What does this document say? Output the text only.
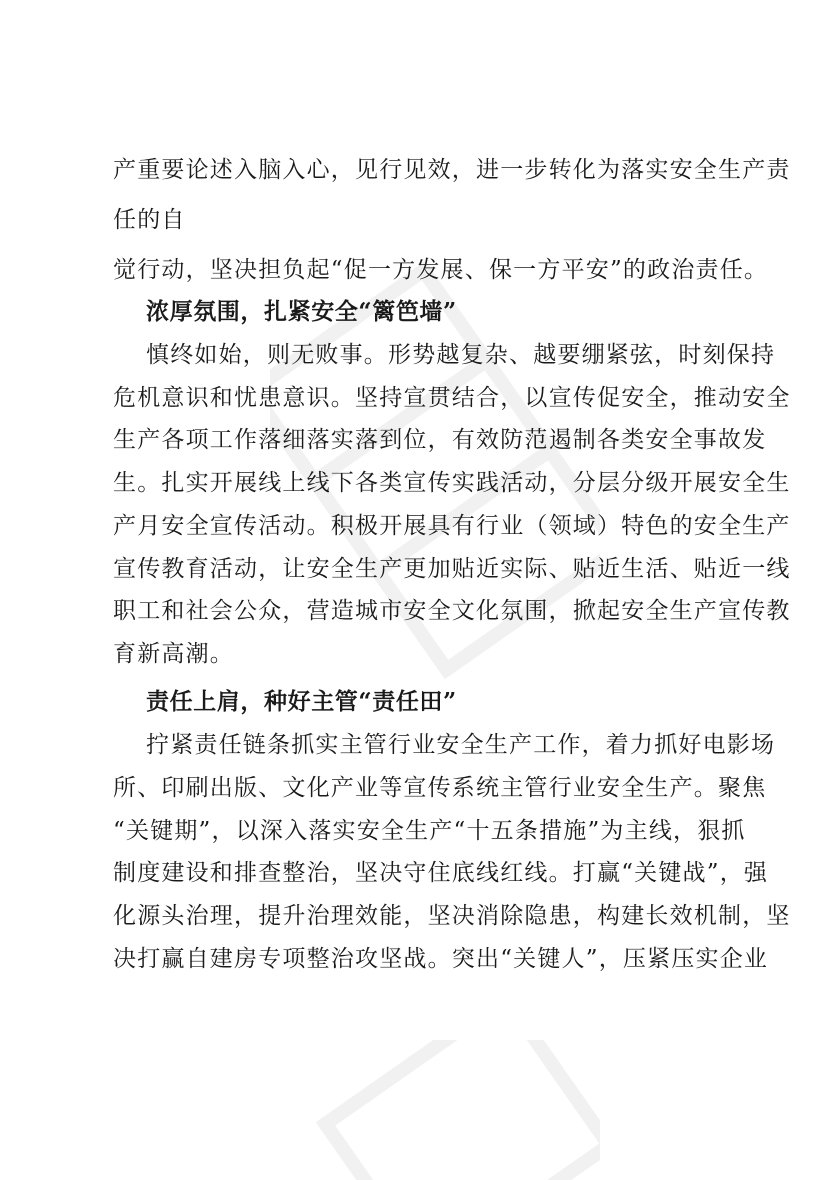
产重要论述入脑入心，见行见效，进一步转化为落实安全生产责
任的自
觉行动，坚决担负起“促一方发展、保一方平安”的政治责任。
浓厚氛围，扎紧安全“篱笆墙”
慎终如始，则无败事。形势越复杂、越要绷紧弦，时刻保持
危机意识和忧患意识。坚持宣贯结合，以宣传促安全，推动安全
生产各项工作落细落实落到位，有效防范遏制各类安全事故发
生。扎实开展线上线下各类宣传实践活动，分层分级开展安全生
产月安全宣传活动。积极开展具有行业（领域）特色的安全生产
宣传教育活动，让安全生产更加贴近实际、贴近生活、贴近一线
职工和社会公众，营造城市安全文化氛围，掀起安全生产宣传教
育新高潮。
责任上肩，种好主管“责任田”
拧紧责任链条抓实主管行业安全生产工作，着力抓好电影场
所、印刷出版、文化产业等宣传系统主管行业安全生产。聚焦
“关键期”，以深入落实安全生产“十五条措施”为主线，狠抓
制度建设和排查整治，坚决守住底线红线。打赢“关键战”，强
化源头治理，提升治理效能，坚决消除隐患，构建长效机制，坚
决打赢自建房专项整治攻坚战。突出“关键人”，压紧压实企业
